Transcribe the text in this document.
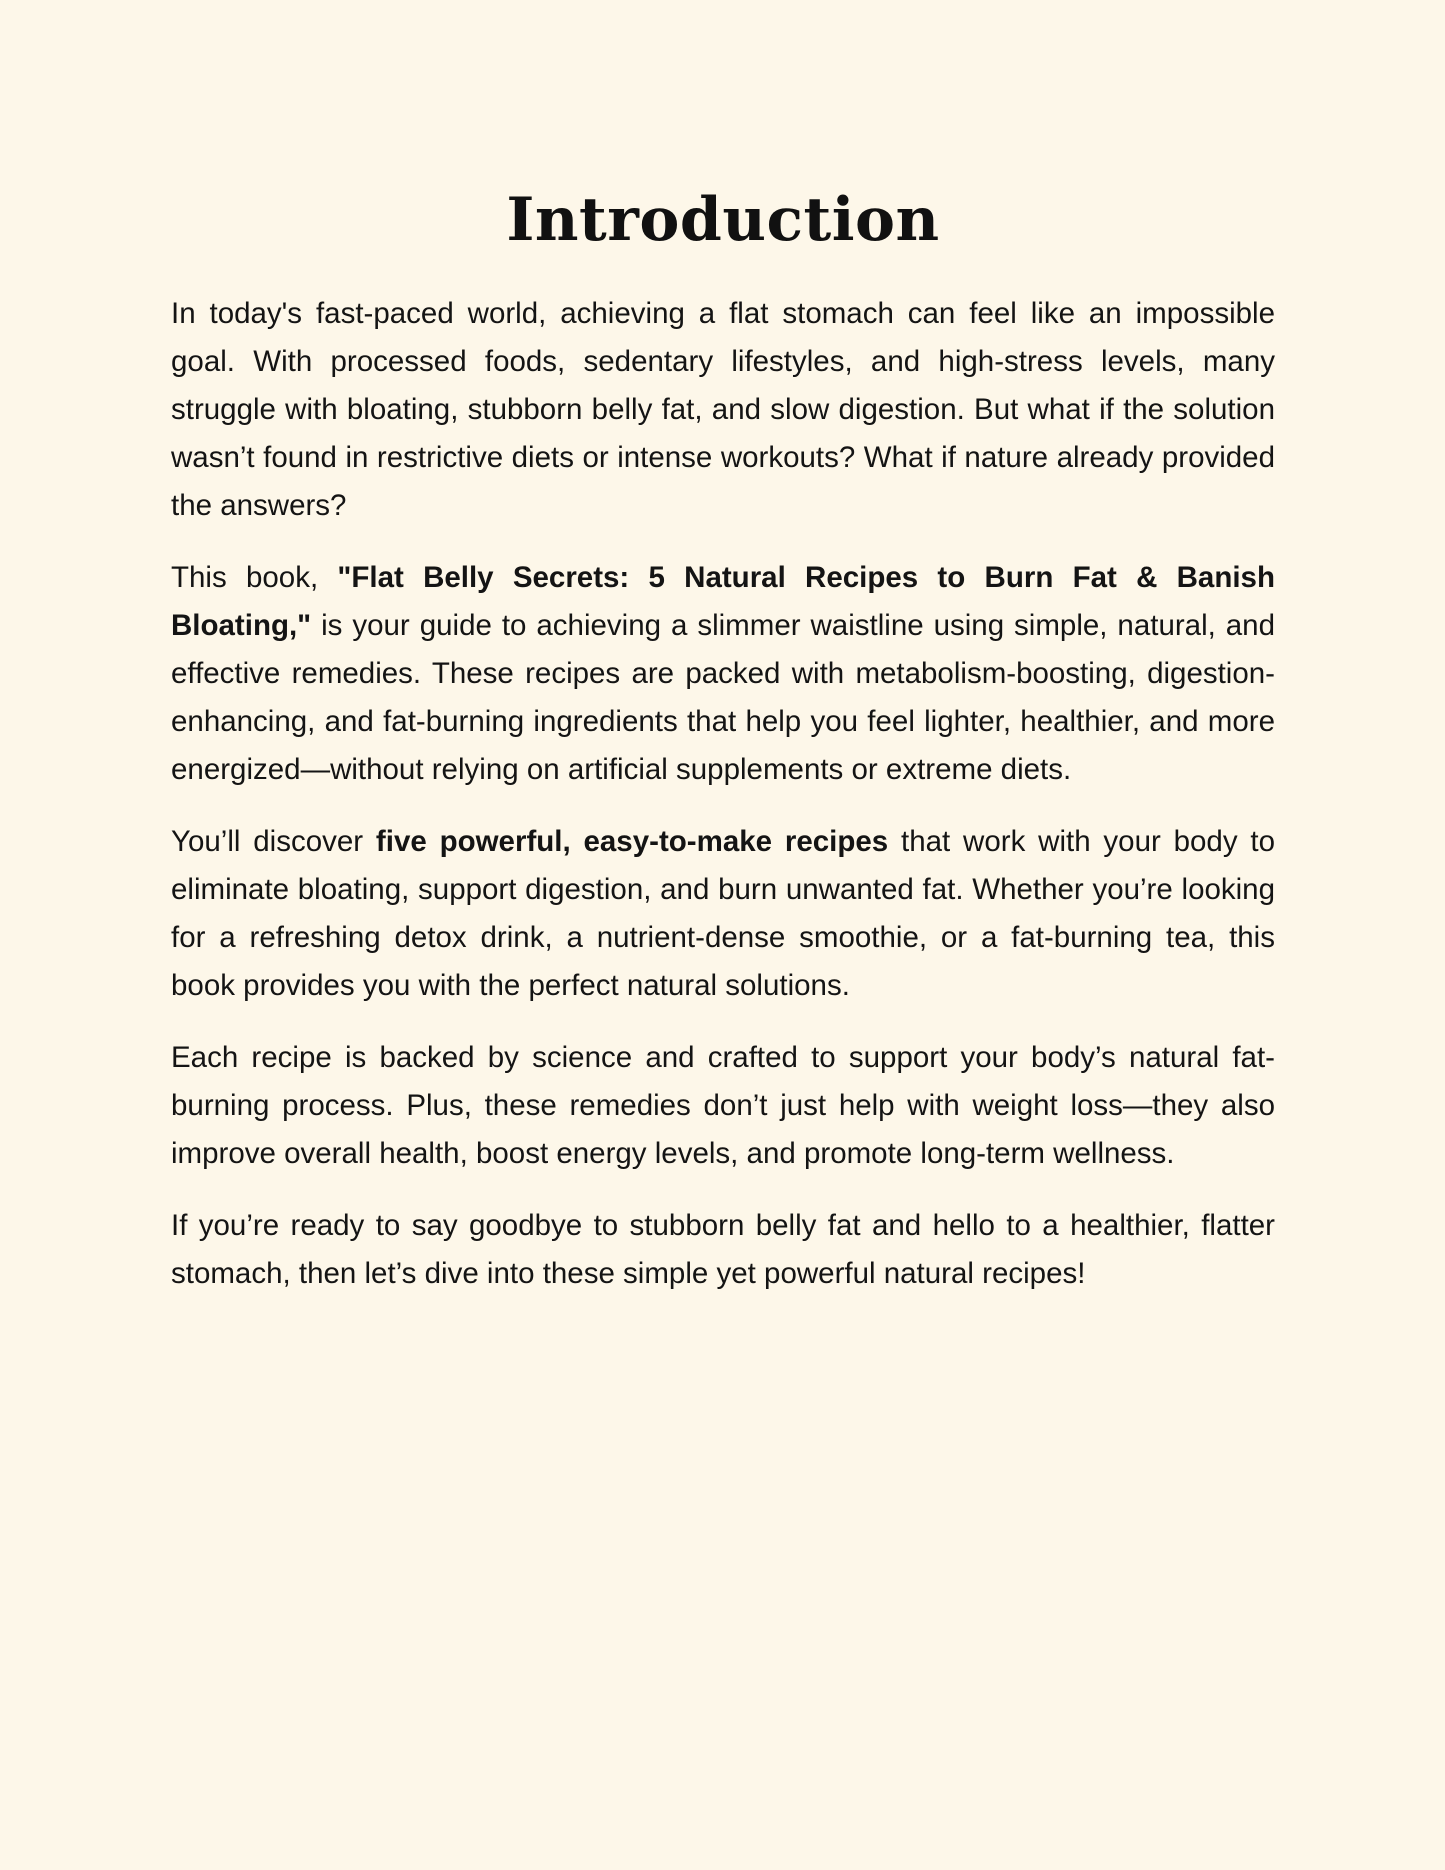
Introduction

In today's fast-paced world, achieving a flat stomach can feel like an impossible goal. With processed foods, sedentary lifestyles, and high-stress levels, many struggle with bloating, stubborn belly fat, and slow digestion. But what if the solution wasn’t found in restrictive diets or intense workouts? What if nature already provided the answers?

This book, "Flat Belly Secrets: 5 Natural Recipes to Burn Fat & Banish Bloating," is your guide to achieving a slimmer waistline using simple, natural, and effective remedies. These recipes are packed with metabolism-boosting, digestion-enhancing, and fat-burning ingredients that help you feel lighter, healthier, and more energized—without relying on artificial supplements or extreme diets.

You’ll discover five powerful, easy-to-make recipes that work with your body to eliminate bloating, support digestion, and burn unwanted fat. Whether you’re looking for a refreshing detox drink, a nutrient-dense smoothie, or a fat-burning tea, this book provides you with the perfect natural solutions.

Each recipe is backed by science and crafted to support your body’s natural fat-burning process. Plus, these remedies don’t just help with weight loss—they also improve overall health, boost energy levels, and promote long-term wellness.

If you’re ready to say goodbye to stubborn belly fat and hello to a healthier, flatter stomach, then let’s dive into these simple yet powerful natural recipes!
